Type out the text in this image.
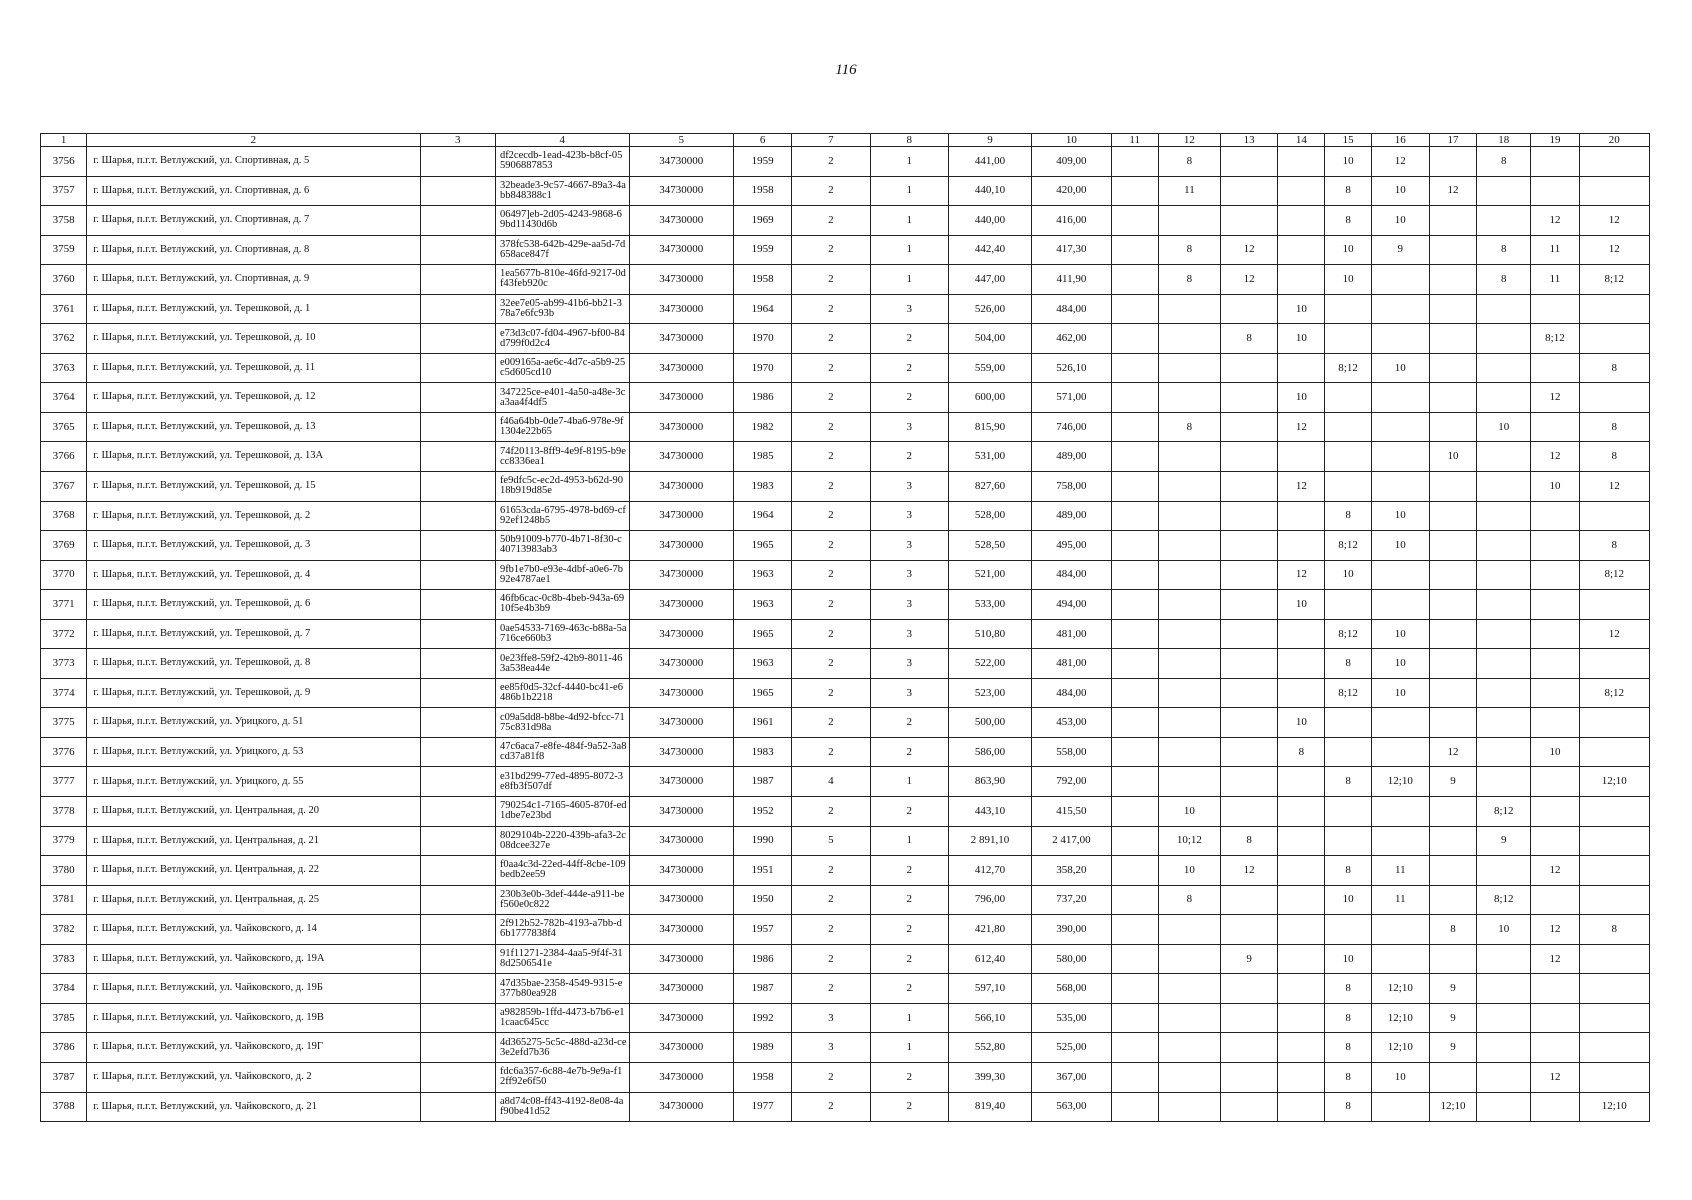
116
1	2	3	4	5	6	7	8	9	10	11	12	13	14	15	16	17	18	19	20
3756	г. Шарья, п.г.т. Ветлужский, ул. Спортивная, д. 5		df2cecdb-1ead-423b-b8cf-055906887853	34730000	1959	2	1	441,00	409,00		8			10	12		8		
3757	г. Шарья, п.г.т. Ветлужский, ул. Спортивная, д. 6		32beade3-9c57-4667-89a3-4abb848388c1	34730000	1958	2	1	440,10	420,00		11			8	10	12			
3758	г. Шарья, п.г.т. Ветлужский, ул. Спортивная, д. 7		06497]eb-2d05-4243-9868-69bd11430d6b	34730000	1969	2	1	440,00	416,00					8	10			12	12
3759	г. Шарья, п.г.т. Ветлужский, ул. Спортивная, д. 8		378fc538-642b-429e-aa5d-7d658ace847f	34730000	1959	2	1	442,40	417,30		8	12		10	9		8	11	12
3760	г. Шарья, п.г.т. Ветлужский, ул. Спортивная, д. 9		1ea5677b-810e-46fd-9217-0df43feb920c	34730000	1958	2	1	447,00	411,90		8	12		10			8	11	8;12
3761	г. Шарья, п.г.т. Ветлужский, ул. Терешковой, д. 1		32ee7e05-ab99-41b6-bb21-378a7e6fc93b	34730000	1964	2	3	526,00	484,00				10						
3762	г. Шарья, п.г.т. Ветлужский, ул. Терешковой, д. 10		e73d3c07-fd04-4967-bf00-84d799f0d2c4	34730000	1970	2	2	504,00	462,00			8	10					8;12	
3763	г. Шарья, п.г.т. Ветлужский, ул. Терешковой, д. 11		e009165a-ae6c-4d7c-a5b9-25c5d605cd10	34730000	1970	2	2	559,00	526,10					8;12	10				8
3764	г. Шарья, п.г.т. Ветлужский, ул. Терешковой, д. 12		347225ce-e401-4a50-a48e-3ca3aa4f4df5	34730000	1986	2	2	600,00	571,00				10					12	
3765	г. Шарья, п.г.т. Ветлужский, ул. Терешковой, д. 13		f46a64bb-0de7-4ba6-978e-9f1304e22b65	34730000	1982	2	3	815,90	746,00		8		12				10		8
3766	г. Шарья, п.г.т. Ветлужский, ул. Терешковой, д. 13А		74f20113-8ff9-4e9f-8195-b9ecc8336ea1	34730000	1985	2	2	531,00	489,00							10		12	8
3767	г. Шарья, п.г.т. Ветлужский, ул. Терешковой, д. 15		fe9dfc5c-ec2d-4953-b62d-9018b919d85e	34730000	1983	2	3	827,60	758,00				12					10	12
3768	г. Шарья, п.г.т. Ветлужский, ул. Терешковой, д. 2		61653cda-6795-4978-bd69-cf92ef1248b5	34730000	1964	2	3	528,00	489,00					8	10				
3769	г. Шарья, п.г.т. Ветлужский, ул. Терешковой, д. 3		50b91009-b770-4b71-8f30-c40713983ab3	34730000	1965	2	3	528,50	495,00					8;12	10				8
3770	г. Шарья, п.г.т. Ветлужский, ул. Терешковой, д. 4		9fb1e7b0-e93e-4dbf-a0e6-7b92e4787ae1	34730000	1963	2	3	521,00	484,00				12	10					8;12
3771	г. Шарья, п.г.т. Ветлужский, ул. Терешковой, д. 6		46fb6cac-0c8b-4beb-943a-6910f5e4b3b9	34730000	1963	2	3	533,00	494,00				10						
3772	г. Шарья, п.г.т. Ветлужский, ул. Терешковой, д. 7		0ae54533-7169-463c-b88a-5a716ce660b3	34730000	1965	2	3	510,80	481,00					8;12	10				12
3773	г. Шарья, п.г.т. Ветлужский, ул. Терешковой, д. 8		0e23ffe8-59f2-42b9-8011-463a538ea44e	34730000	1963	2	3	522,00	481,00					8	10				
3774	г. Шарья, п.г.т. Ветлужский, ул. Терешковой, д. 9		ee85f0d5-32cf-4440-bc41-e6486b1b2218	34730000	1965	2	3	523,00	484,00					8;12	10				8;12
3775	г. Шарья, п.г.т. Ветлужский, ул. Урицкого, д. 51		c09a5dd8-b8be-4d92-bfcc-7175c831d98a	34730000	1961	2	2	500,00	453,00				10						
3776	г. Шарья, п.г.т. Ветлужский, ул. Урицкого, д. 53		47c6aca7-e8fe-484f-9a52-3a8cd37a81f8	34730000	1983	2	2	586,00	558,00				8			12		10	
3777	г. Шарья, п.г.т. Ветлужский, ул. Урицкого, д. 55		e31bd299-77ed-4895-8072-3e8fb3f507df	34730000	1987	4	1	863,90	792,00					8	12;10	9			12;10
3778	г. Шарья, п.г.т. Ветлужский, ул. Центральная, д. 20		790254c1-7165-4605-870f-ed1dbe7e23bd	34730000	1952	2	2	443,10	415,50		10						8;12		
3779	г. Шарья, п.г.т. Ветлужский, ул. Центральная, д. 21		8029104b-2220-439b-afa3-2c08dcee327e	34730000	1990	5	1	2 891,10	2 417,00		10;12	8					9		
3780	г. Шарья, п.г.т. Ветлужский, ул. Центральная, д. 22		f0aa4c3d-22ed-44ff-8cbe-109bedb2ee59	34730000	1951	2	2	412,70	358,20		10	12		8	11			12	
3781	г. Шарья, п.г.т. Ветлужский, ул. Центральная, д. 25		230b3e0b-3def-444e-a911-bef560e0c822	34730000	1950	2	2	796,00	737,20		8			10	11		8;12		
3782	г. Шарья, п.г.т. Ветлужский, ул. Чайковского, д. 14		2f912b52-782b-4193-a7bb-d6b1777838f4	34730000	1957	2	2	421,80	390,00							8	10	12	8
3783	г. Шарья, п.г.т. Ветлужский, ул. Чайковского, д. 19А		91f11271-2384-4aa5-9f4f-318d2506541e	34730000	1986	2	2	612,40	580,00			9		10				12	
3784	г. Шарья, п.г.т. Ветлужский, ул. Чайковского, д. 19Б		47d35bae-2358-4549-9315-e377b80ea928	34730000	1987	2	2	597,10	568,00					8	12;10	9			
3785	г. Шарья, п.г.т. Ветлужский, ул. Чайковского, д. 19В		a982859b-1ffd-4473-b7b6-e11caac645cc	34730000	1992	3	1	566,10	535,00					8	12;10	9			
3786	г. Шарья, п.г.т. Ветлужский, ул. Чайковского, д. 19Г		4d365275-5c5c-488d-a23d-ce3e2efd7b36	34730000	1989	3	1	552,80	525,00					8	12;10	9			
3787	г. Шарья, п.г.т. Ветлужский, ул. Чайковского, д. 2		fdc6a357-6c88-4e7b-9e9a-f12ff92e6f50	34730000	1958	2	2	399,30	367,00					8	10			12	
3788	г. Шарья, п.г.т. Ветлужский, ул. Чайковского, д. 21		a8d74c08-ff43-4192-8e08-4af90be41d52	34730000	1977	2	2	819,40	563,00					8		12;10			12;10
